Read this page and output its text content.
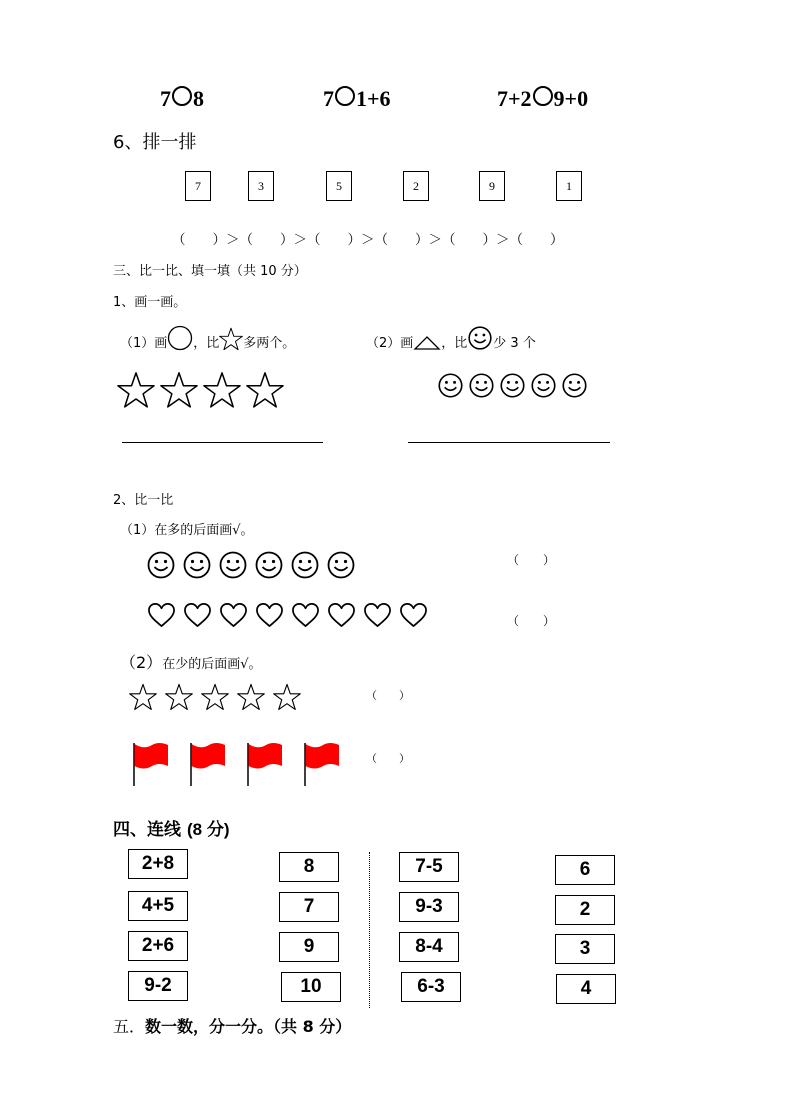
7 8	7 1+6	7+2 9+0
6、排一排
7	3	5	2	9	1
（　　）＞（　　）＞（　　）＞（　　）＞（　　）＞（　　）
三、比一比、填一填（共 10 分）
1、画一画。
（1）画 ，比 多两个。	（2）画 ，比 少 3 个
2、比一比
（1）在多的后面画√。
（　　）
（　　）
（2） 在少的后面画√。
（　　）
（　　）
四、连线 (8 分)
2+8
4+5
2+6
9-2
8
7
9
10
7-5
9-3
8-4
6-3
6
2
3
4
五． 数一数，分一分。（共 8 分）
